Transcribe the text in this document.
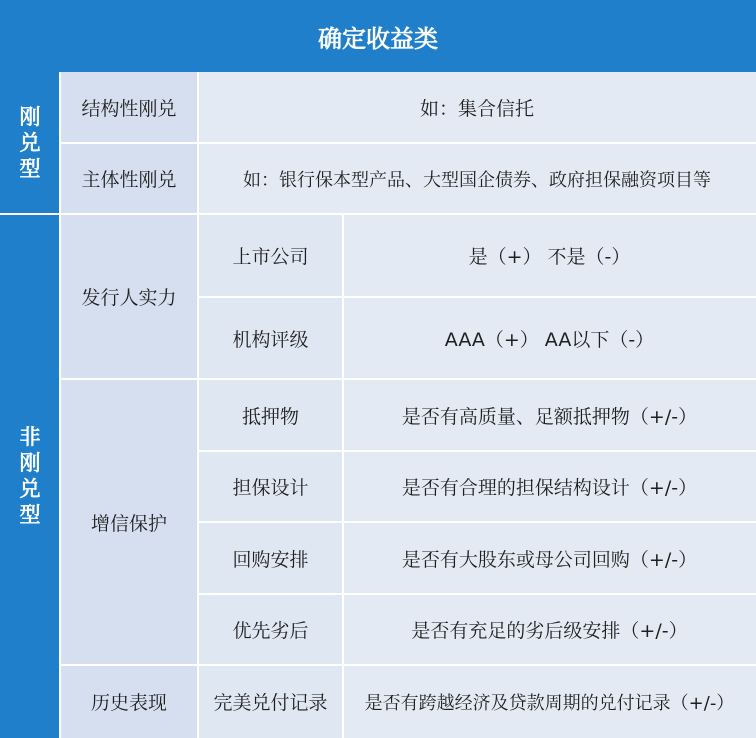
确定收益类
刚兑型
非刚兑型
结构性刚兑	如：集合信托
主体性刚兑	如：银行保本型产品、大型国企债券、政府担保融资项目等
发行人实力
上市公司	是（+） 不是（-）
机构评级	AAA（+） AA以下（-）
增信保护
抵押物	是否有高质量、足额抵押物（+/-）
担保设计	是否有合理的担保结构设计（+/-）
回购安排	是否有大股东或母公司回购（+/-）
优先劣后	是否有充足的劣后级安排（+/-）
历史表现	完美兑付记录	是否有跨越经济及贷款周期的兑付记录（+/-）
